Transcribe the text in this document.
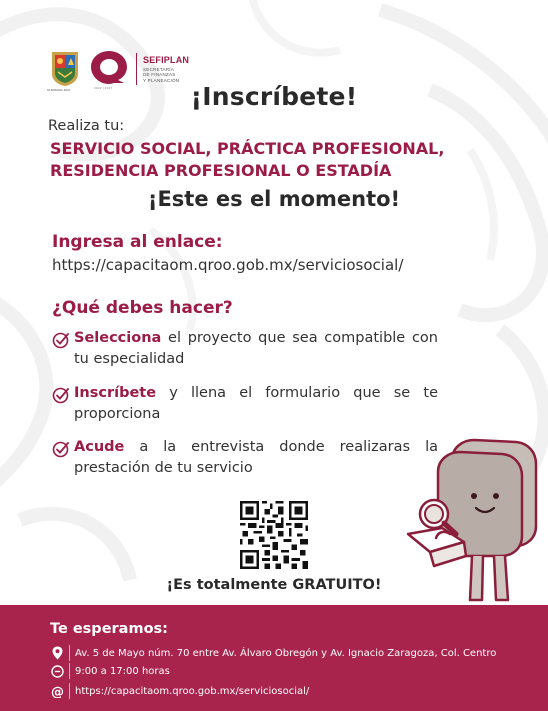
QUINTANA ROO	2022 | 2027
SEFIPLAN
SECRETARÍA
DE FINANZAS
Y PLANEACIÓN
¡Inscríbete!
Realiza tu:
SERVICIO SOCIAL, PRÁCTICA PROFESIONAL,
RESIDENCIA PROFESIONAL O ESTADÍA
¡Este es el momento!
Ingresa al enlace:
https://capacitaom.qroo.gob.mx/serviciosocial/
¿Qué debes hacer?
Selecciona el proyecto que sea compatible con tu especialidad
Inscríbete y llena el formulario que se te proporciona
Acude a la entrevista donde realizaras la prestación de tu servicio
¡Es totalmente GRATUITO!
Te esperamos:
Av. 5 de Mayo núm. 70 entre Av. Álvaro Obregón y Av. Ignacio Zaragoza, Col. Centro
9:00 a 17:00 horas
@ https://capacitaom.qroo.gob.mx/serviciosocial/
